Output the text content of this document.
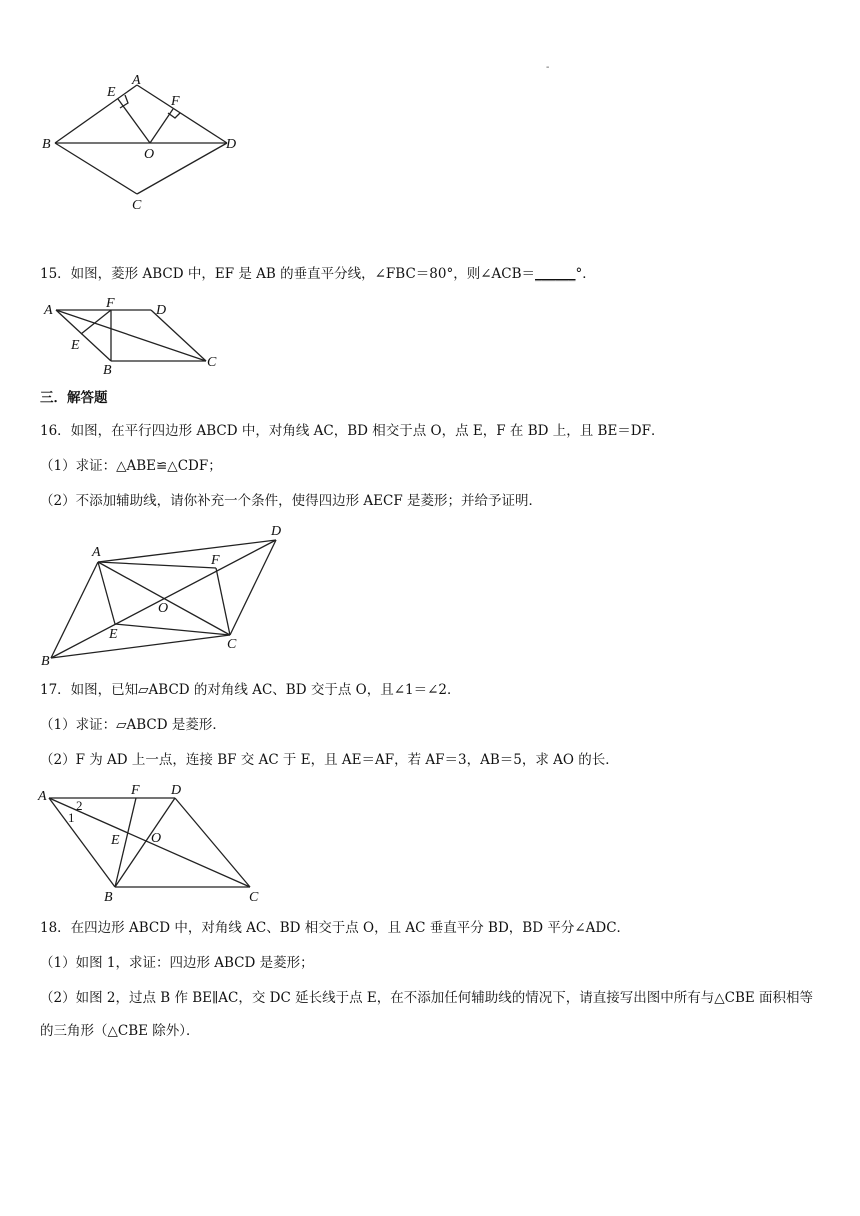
-
B
A
E
F
O
D
C
15．如图，菱形 ABCD 中，EF 是 AB 的垂直平分线，∠FBC＝80°，则∠ACB＝______°．
A	F	D
E
B
C
三．解答题
16．如图，在平行四边形 ABCD 中，对角线 AC，BD 相交于点 O，点 E，F 在 BD 上，且 BE＝DF．
（1）求证：△ABE≌△CDF；
（2）不添加辅助线，请你补充一个条件，使得四边形 AECF 是菱形；并给予证明．
A
D
F
O
E
C
B
17．如图，已知▱ABCD 的对角线 AC、BD 交于点 O，且∠1＝∠2．
（1）求证：▱ABCD 是菱形．
（2）F 为 AD 上一点，连接 BF 交 AC 于 E，且 AE＝AF，若 AF＝3，AB＝5，求 AO 的长．
A	F D
2
1
E O
B	C
18．在四边形 ABCD 中，对角线 AC、BD 相交于点 O，且 AC 垂直平分 BD，BD 平分∠ADC．
（1）如图 1，求证：四边形 ABCD 是菱形；
（2）如图 2，过点 B 作 BE∥AC，交 DC 延长线于点 E，在不添加任何辅助线的情况下，请直接写出图中所有与△CBE 面积相等的三角形（△CBE 除外）．
